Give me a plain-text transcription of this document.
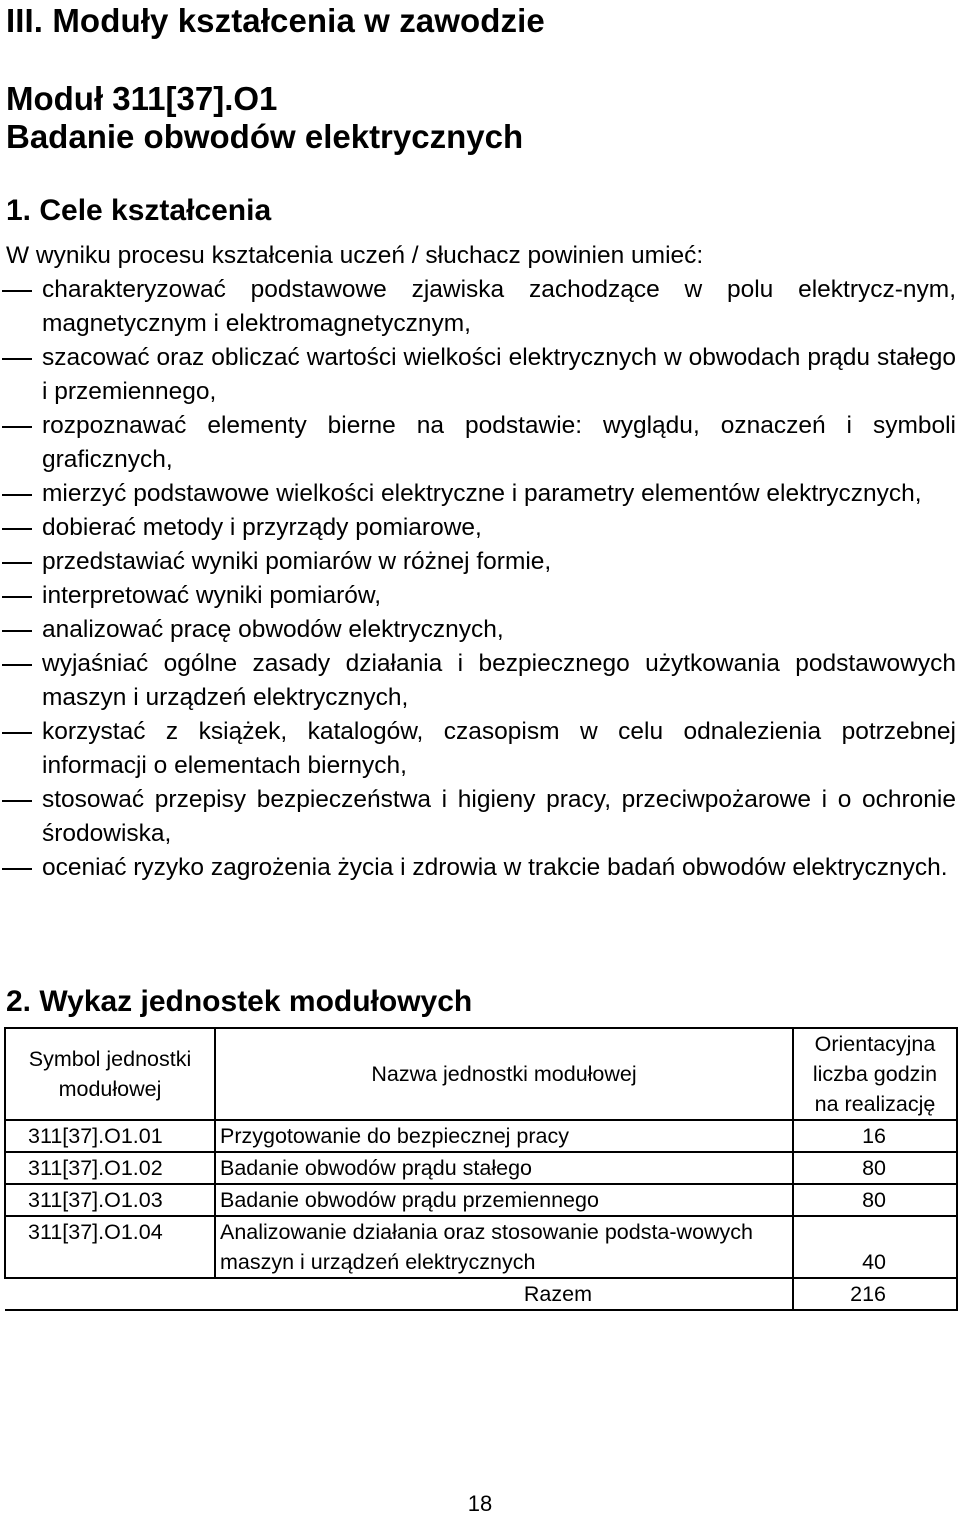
III. Moduły kształcenia w zawodzie
Moduł 311[37].O1
Badanie obwodów elektrycznych
1. Cele kształcenia
W wyniku procesu kształcenia uczeń / słuchacz powinien umieć:
charakteryzować podstawowe zjawiska zachodzące w polu elektrycz-nym, magnetycznym i elektromagnetycznym,
szacować oraz obliczać wartości wielkości elektrycznych w obwodach prądu stałego i przemiennego,
rozpoznawać elementy bierne na podstawie: wyglądu, oznaczeń i symboli graficznych,
mierzyć podstawowe wielkości elektryczne i parametry elementów elektrycznych,
dobierać metody i przyrządy pomiarowe,
przedstawiać wyniki pomiarów w różnej formie,
interpretować wyniki pomiarów,
analizować pracę obwodów elektrycznych,
wyjaśniać ogólne zasady działania i bezpiecznego użytkowania podstawowych maszyn i urządzeń elektrycznych,
korzystać z książek, katalogów, czasopism w celu odnalezienia potrzebnej informacji o elementach biernych,
stosować przepisy bezpieczeństwa i higieny pracy, przeciwpożarowe i o ochronie środowiska,
oceniać ryzyko zagrożenia życia i zdrowia w trakcie badań obwodów elektrycznych.
2. Wykaz jednostek modułowych
Symbol jednostki modułowej	Nazwa jednostki modułowej	Orientacyjna liczba godzin na realizację
311[37].O1.01	Przygotowanie do bezpiecznej pracy	16
311[37].O1.02	Badanie obwodów prądu stałego	80
311[37].O1.03	Badanie obwodów prądu przemiennego	80
311[37].O1.04	Analizowanie działania oraz stosowanie podsta-wowych maszyn i urządzeń elektrycznych	40
Razem		216
18
